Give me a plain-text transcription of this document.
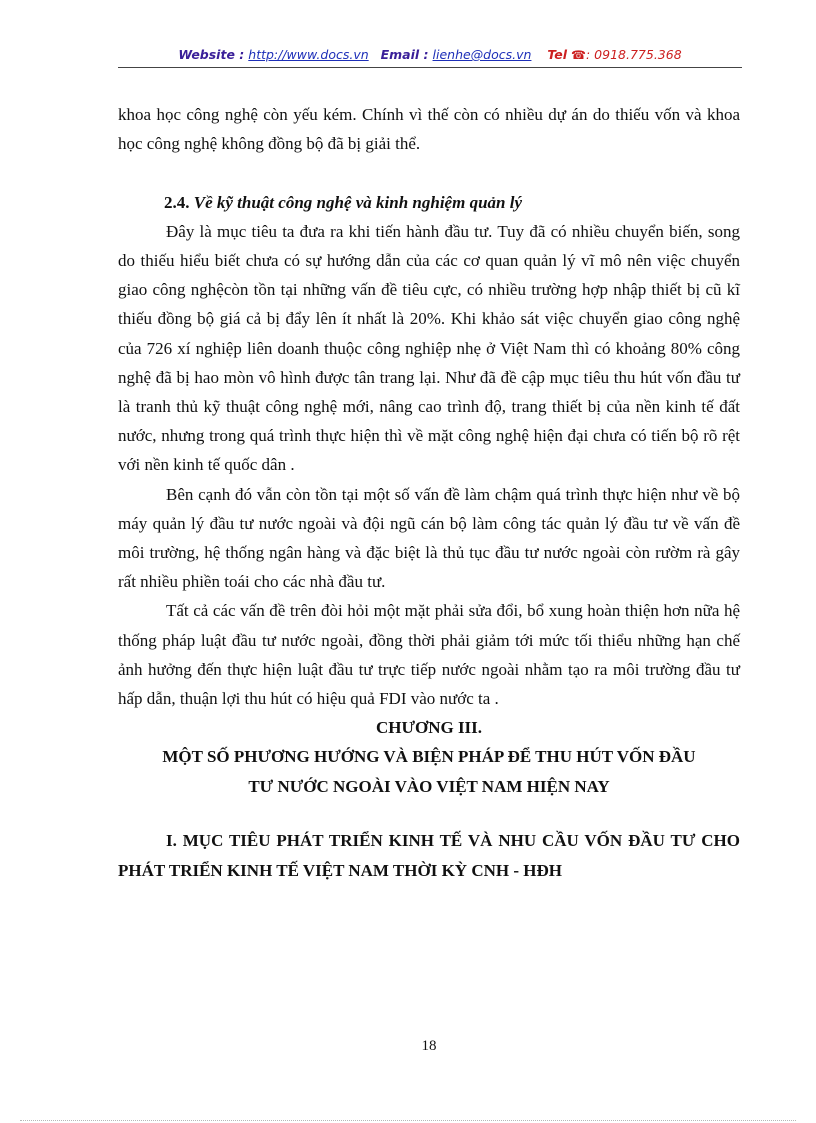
Website : http://www.docs.vn Email : lienhe@docs.vn Tel ☎: 0918.775.368

khoa học công nghệ còn yếu kém. Chính vì thế còn có nhiều dự án do thiếu vốn và khoa học công nghệ không đồng bộ đã bị giải thể.

2.4. Về kỹ thuật công nghệ và kinh nghiệm quản lý

Đây là mục tiêu ta đưa ra khi tiến hành đầu tư. Tuy đã có nhiều chuyển biến, song do thiếu hiểu biết chưa có sự hướng dẫn của các cơ quan quản lý vĩ mô nên việc chuyển giao công nghệcòn tồn tại những vấn đề tiêu cực, có nhiều trường hợp nhập thiết bị cũ kĩ thiếu đồng bộ giá cả bị đẩy lên ít nhất là 20%. Khi khảo sát việc chuyển giao công nghệ của 726 xí nghiệp liên doanh thuộc công nghiệp nhẹ ở Việt Nam thì có khoảng 80% công nghệ đã bị hao mòn vô hình được tân trang lại. Như đã đề cập mục tiêu thu hút vốn đầu tư là tranh thủ kỹ thuật công nghệ mới, nâng cao trình độ, trang thiết bị của nền kinh tế đất nước, nhưng trong quá trình thực hiện thì về mặt công nghệ hiện đại chưa có tiến bộ rõ rệt với nền kinh tế quốc dân .

Bên cạnh đó vẫn còn tồn tại một số vấn đề làm chậm quá trình thực hiện như về bộ máy quản lý đầu tư nước ngoài và đội ngũ cán bộ làm công tác quản lý đầu tư về vấn đề môi trường, hệ thống ngân hàng và đặc biệt là thủ tục đầu tư nước ngoài còn rườm rà gây rất nhiều phiền toái cho các nhà đầu tư.

Tất cả các vấn đề trên đòi hỏi một mặt phải sửa đổi, bổ xung hoàn thiện hơn nữa hệ thống pháp luật đầu tư nước ngoài, đồng thời phải giảm tới mức tối thiểu những hạn chế ảnh hưởng đến thực hiện luật đầu tư trực tiếp nước ngoài nhằm tạo ra môi trường đầu tư hấp dẫn, thuận lợi thu hút có hiệu quả FDI vào nước ta .

CHƯƠNG III.

MỘT SỐ PHƯƠNG HƯỚNG VÀ BIỆN PHÁP ĐỂ THU HÚT VỐN ĐẦU

TƯ NƯỚC NGOÀI VÀO VIỆT NAM HIỆN NAY

I. MỤC TIÊU PHÁT TRIỂN KINH TẾ VÀ NHU CẦU VỐN ĐẦU TƯ CHO PHÁT TRIỂN KINH TẾ VIỆT NAM THỜI KỲ CNH - HĐH

18
